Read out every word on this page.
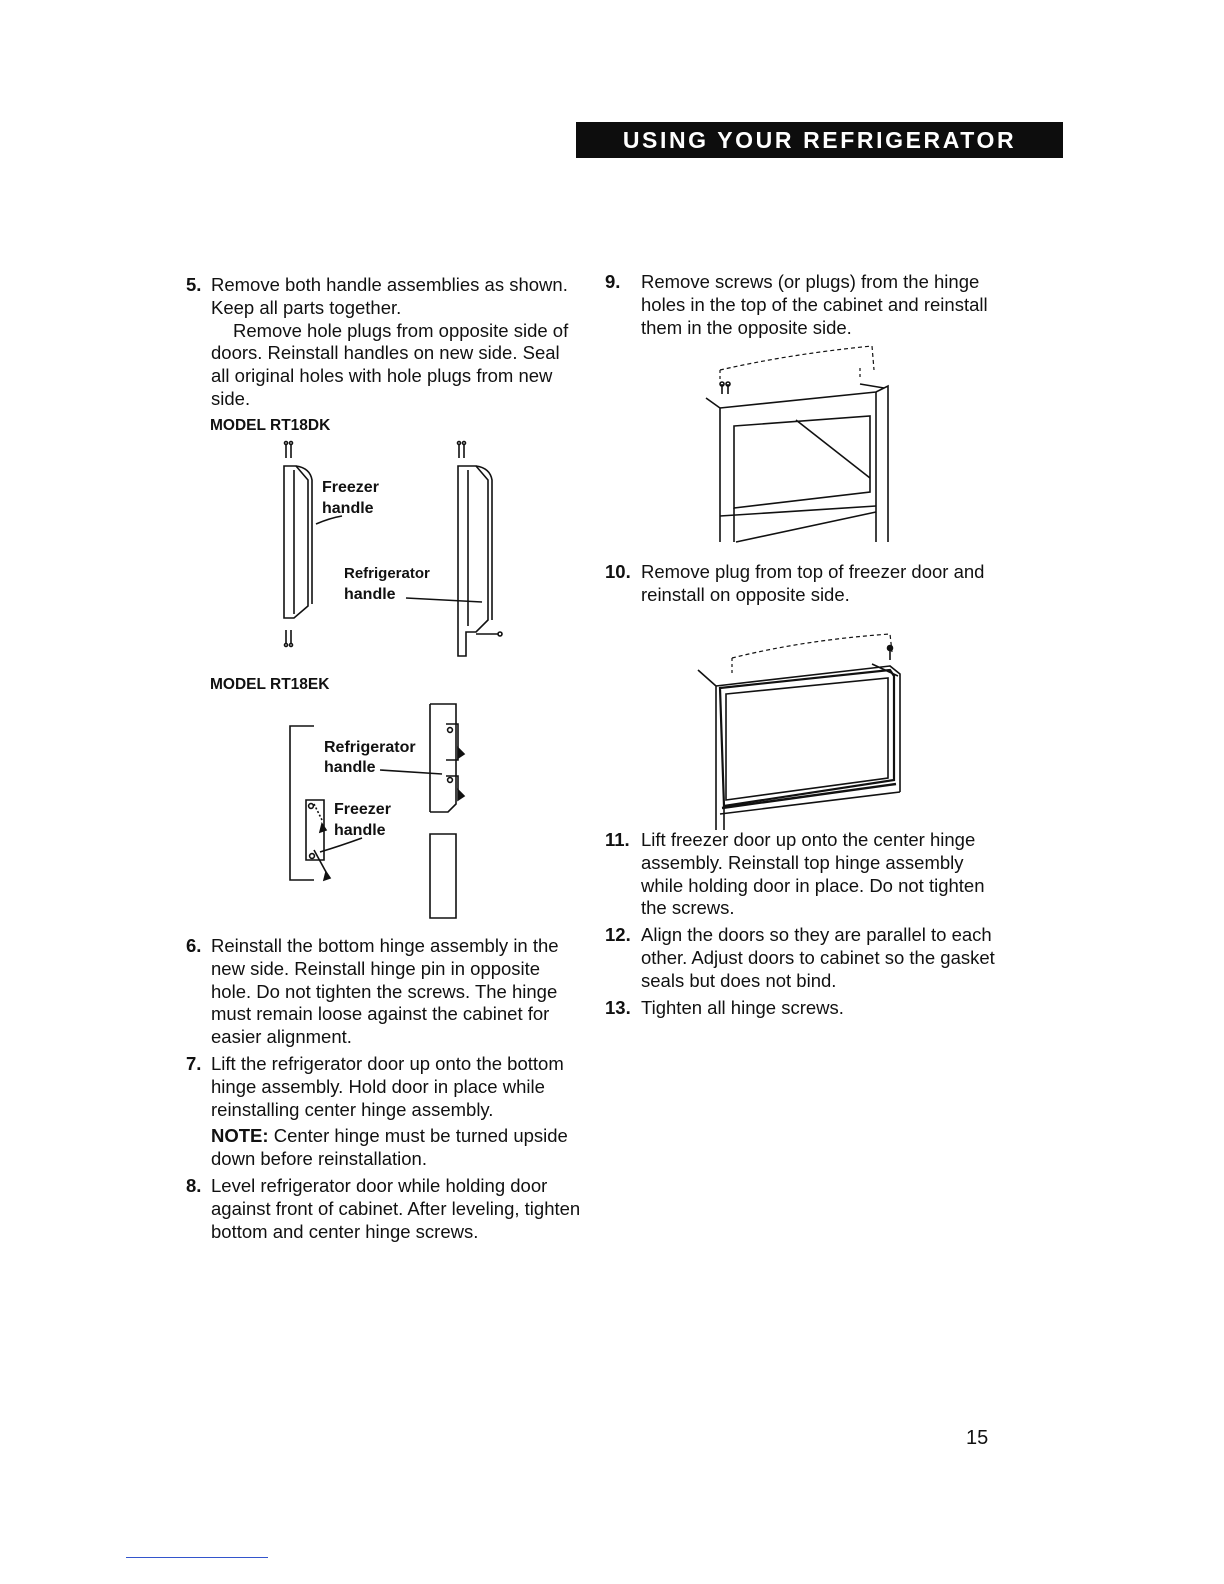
USING YOUR REFRIGERATOR
5. Remove both handle assemblies as shown. Keep all parts together.
Remove hole plugs from opposite side of doors. Reinstall handles on new side. Seal all original holes with hole plugs from new side.
MODEL RT18DK
Freezer
handle
Refrigerator
handle
MODEL RT18EK
Refrigerator
handle
Freezer
handle
6. Reinstall the bottom hinge assembly in the new side. Reinstall hinge pin in opposite hole. Do not tighten the screws. The hinge must remain loose against the cabinet for easier alignment.
7. Lift the refrigerator door up onto the bottom hinge assembly. Hold door in place while reinstalling center hinge assembly.
NOTE: Center hinge must be turned upside down before reinstallation.
8. Level refrigerator door while holding door against front of cabinet. After leveling, tighten bottom and center hinge screws.
9. Remove screws (or plugs) from the hinge holes in the top of the cabinet and reinstall them in the opposite side.
10. Remove plug from top of freezer door and reinstall on opposite side.
11. Lift freezer door up onto the center hinge assembly. Reinstall top hinge assembly while holding door in place. Do not tighten the screws.
12. Align the doors so they are parallel to each other. Adjust doors to cabinet so the gasket seals but does not bind.
13. Tighten all hinge screws.
15
